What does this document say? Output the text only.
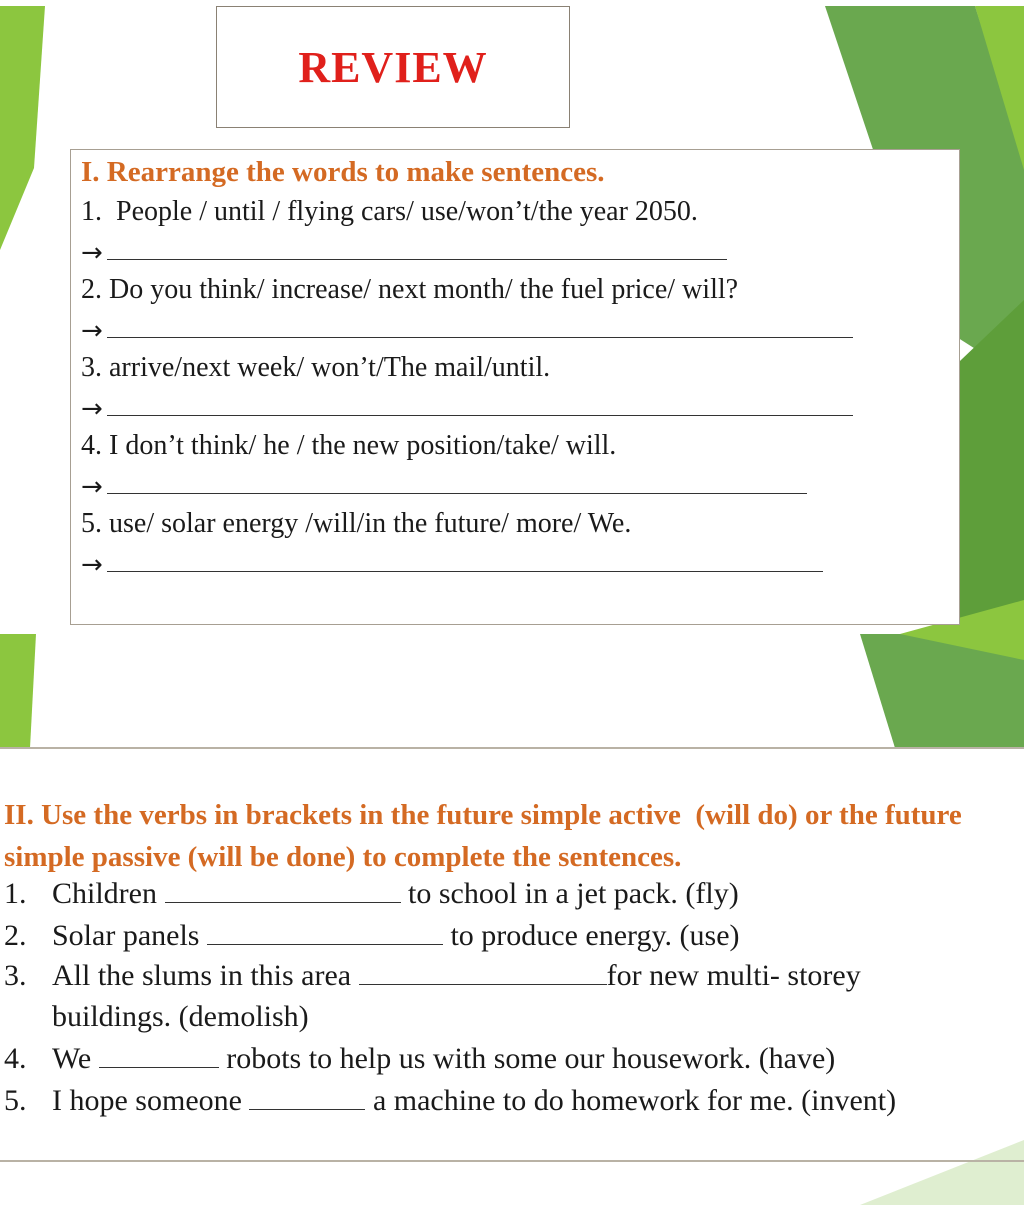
REVIEW
I. Rearrange the words to make sentences.
1.  People / until / flying cars/ use/won’t/the year 2050.
→
2. Do you think/ increase/ next month/ the fuel price/ will?
→
3. arrive/next week/ won’t/The mail/until.
→
4. I don’t think/ he / the new position/take/ will.
→
5. use/ solar energy /will/in the future/ more/ We.
→
II. Use the verbs in brackets in the future simple active  (will do) or the future simple passive (will be done) to complete the sentences.
1. Children	to school in a jet pack. (fly)
2. Solar panels	to produce energy. (use)
3. All the slums in this area	for new multi- storey
buildings. (demolish)
4. We	robots to help us with some our housework. (have)
5. I hope someone	a machine to do homework for me. (invent)
